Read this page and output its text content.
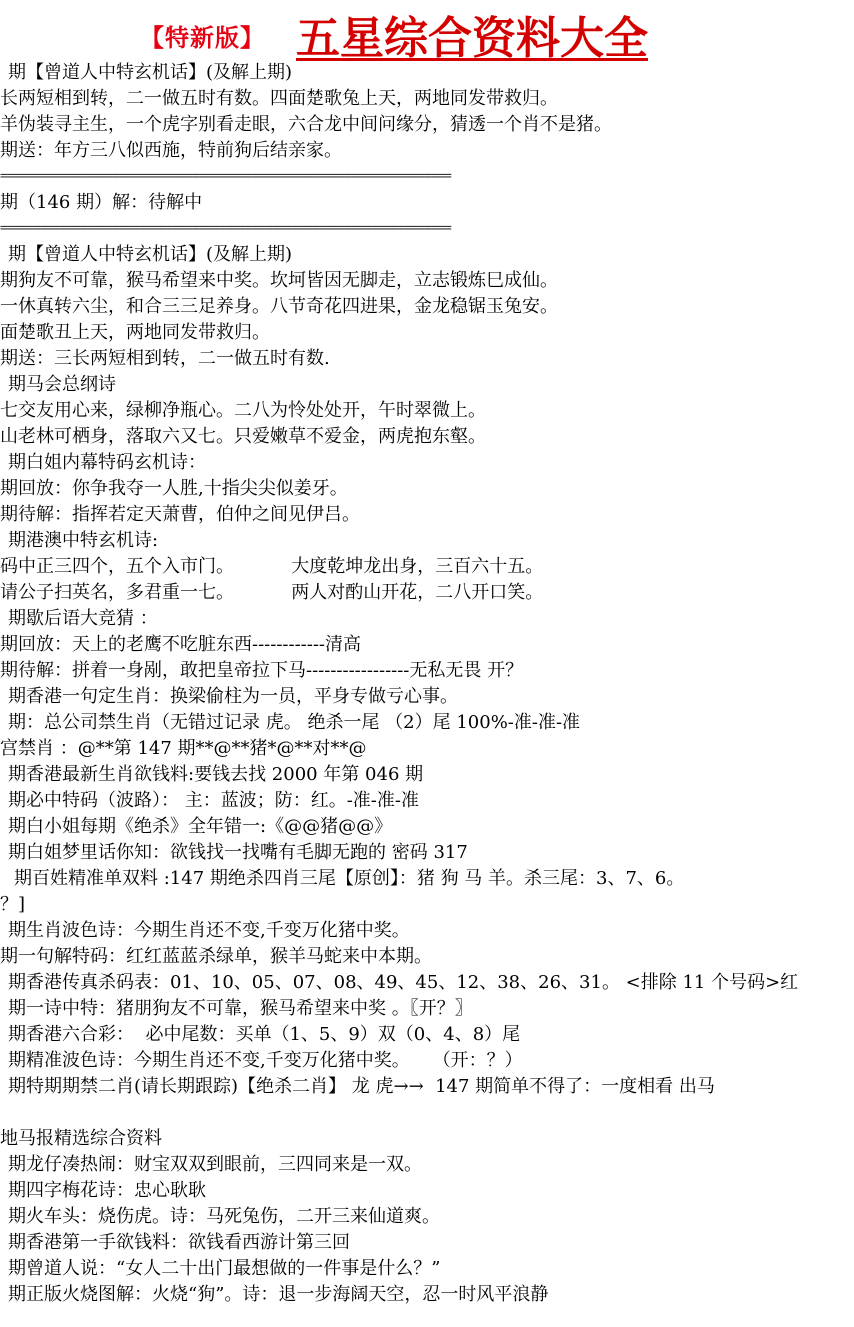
【特新版】 五星综合资料大全
期【曾道人中特玄机话】(及解上期)
长两短相到转，二一做五时有数。四面楚歌兔上天，两地同发带救归。
羊伪装寻主生，一个虎字别看走眼，六合龙中间问缘分，猜透一个肖不是猪。
期送：年方三八似西施，特前狗后结亲家。
====================================================================
期（146 期）解：待解中
====================================================================
期【曾道人中特玄机话】(及解上期)
期狗友不可靠，猴马希望来中奖。坎坷皆因无脚走，立志锻炼巳成仙。
一休真转六尘，和合三三足养身。八节奇花四进果，金龙稳锯玉兔安。
面楚歌丑上天，两地同发带救归。
期送：三长两短相到转，二一做五时有数.
期马会总纲诗
七交友用心来，绿柳净瓶心。二八为怜处处开，午时翠微上。
山老林可栖身，落取六又七。只爱嫩草不爱金，两虎抱东壑。
期白姐内幕特码玄机诗：
期回放：你争我夺一人胜,十指尖尖似姜牙。
期待解：指挥若定天萧曹，伯仲之间见伊吕。
期港澳中特玄机诗:
码中正三四个，五个入市门。          大度乾坤龙出身，三百六十五。
请公子扫英名，多君重一七。          两人对酌山开花，二八开口笑。
期歇后语大竞猜 ：
期回放：天上的老鹰不吃脏东西------------清高
期待解：拼着一身剐，敢把皇帝拉下马-----------------无私无畏 开？
期香港一句定生肖：换梁偷柱为一员，平身专做亏心事。
期：总公司禁生肖（无错过记录 虎。 绝杀一尾 （2）尾 100%-准-准-准
宫禁肖 ：@**第 147 期**@**猪*@**对**@
期香港最新生肖欲钱料:要钱去找 2000 年第 046 期
期必中特码（波路）： 主：蓝波；防：红。-准-准-准
期白小姐每期《绝杀》全年错一:《@@猪@@》
期白姐梦里话你知：欲钱找一找嘴有毛脚无跑的 密码 317
期百姓精准单双料 :147 期绝杀四肖三尾【原创】：猪 狗 马 羊。杀三尾：3、7、6。
？]
期生肖波色诗：今期生肖还不变,千变万化猪中奖。
期一句解特码：红红蓝蓝杀绿单，猴羊马蛇来中本期。
期香港传真杀码表：01、10、05、07、08、49、45、12、38、26、31。 <排除 11 个号码>红
期一诗中特：猪朋狗友不可靠，猴马希望来中奖 。〖开？〗
期香港六合彩：  必中尾数：买单（1、5、9）双（0、4、8）尾
期精准波色诗：今期生肖还不变,千变万化猪中奖。    （开：？）
期特期期禁二肖(请长期跟踪)【绝杀二肖】 龙 虎→→  147 期简单不得了：一度相看 出马
地马报精选综合资料
期龙仔凑热闹：财宝双双到眼前，三四同来是一双。
期四字梅花诗：忠心耿耿
期火车头：烧伤虎。诗：马死兔伤，二开三来仙道爽。
期香港第一手欲钱料：欲钱看西游计第三回
期曾道人说：“女人二十出门最想做的一件事是什么？”
期正版火烧图解：火烧“狗”。诗：退一步海阔天空，忍一时风平浪静
